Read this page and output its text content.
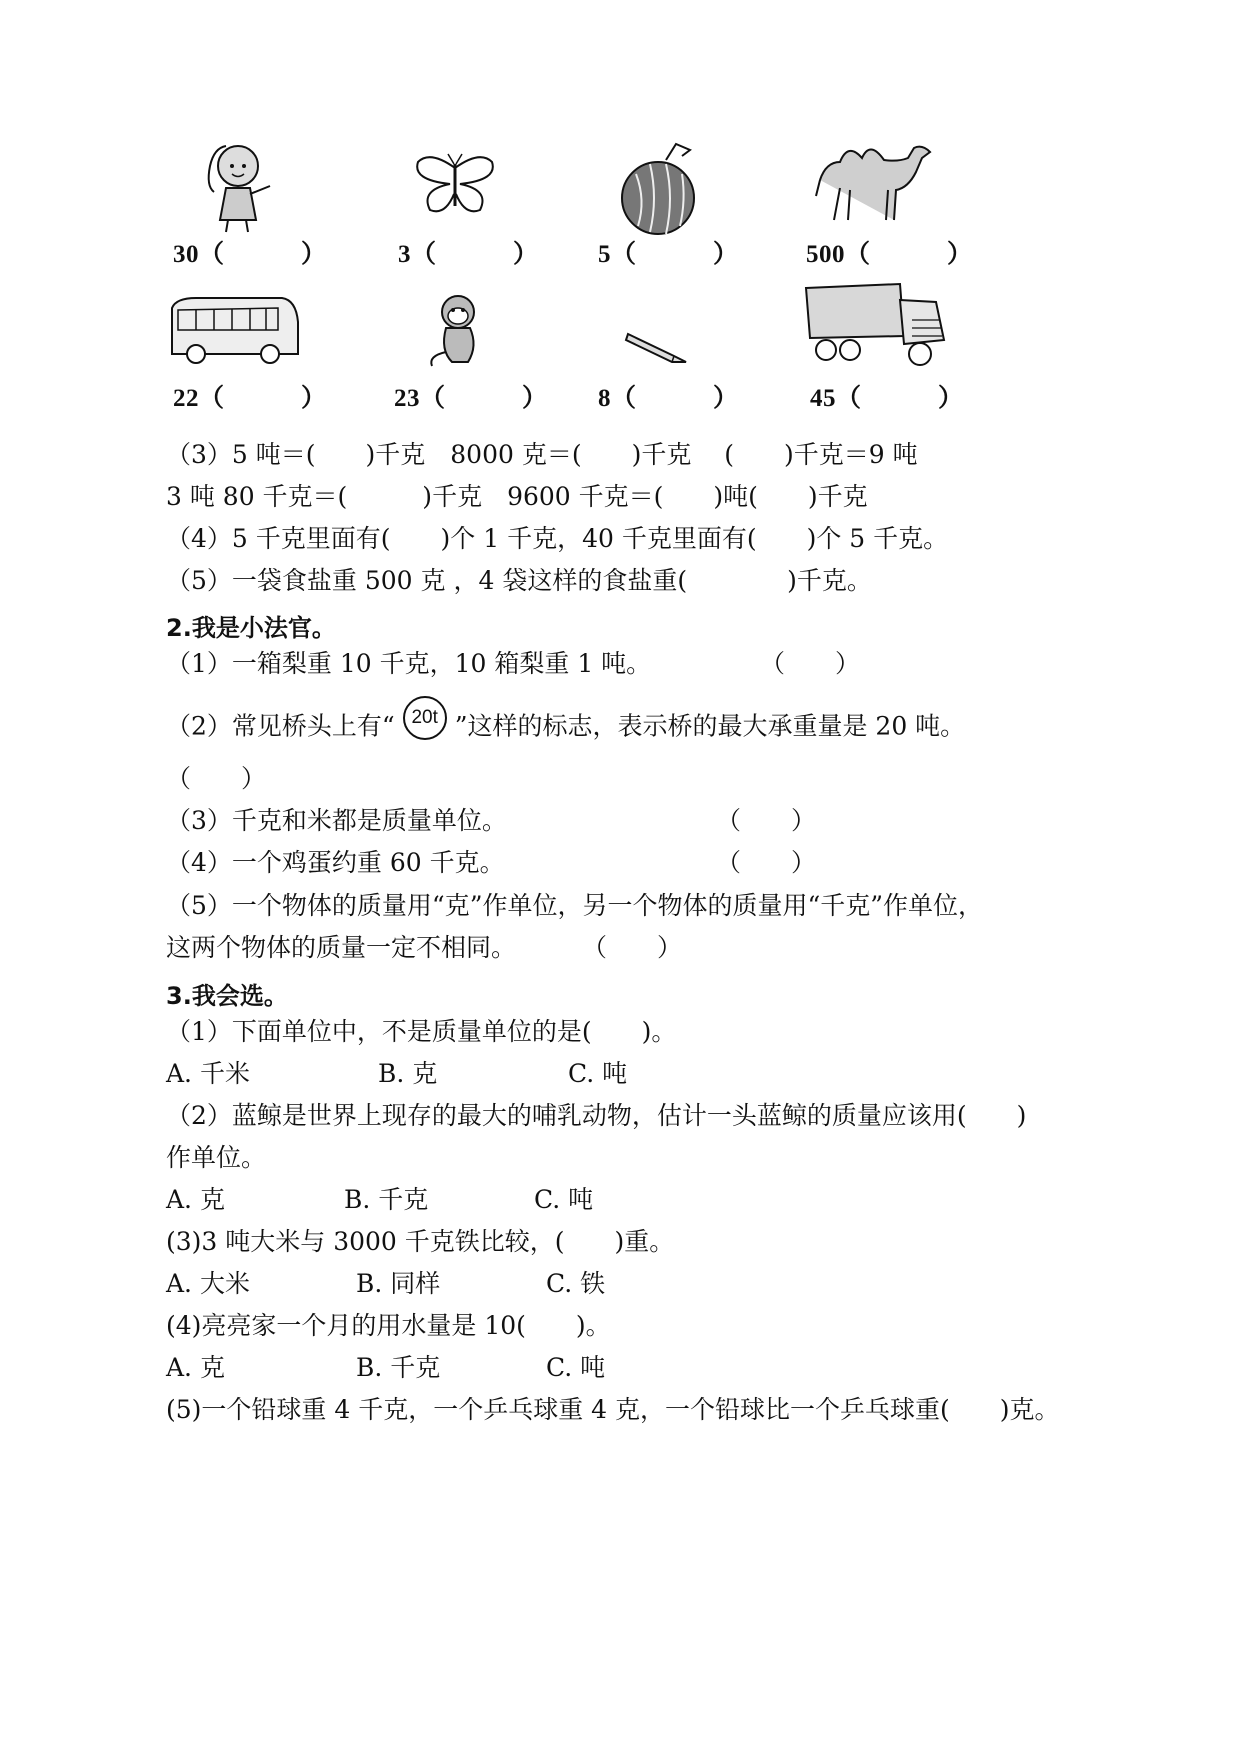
30（　　　）	3（　　　） 5（　　　）	500（　　　）
22（　　　）	23（　　　） 8（　　　）	45（　　　）
（3）5 吨＝(　　)千克　8000 克＝(　　)千克　 (　　)千克＝9 吨
3 吨 80 千克＝(　　　)千克　9600 千克＝(　　)吨(　　)千克
（4）5 千克里面有(　　)个 1 千克，40 千克里面有(　　)个 5 千克。
（5）一袋食盐重 500 克 ，4 袋这样的食盐重(　　　　)千克。
2.我是小法官。
（1）一箱梨重 10 千克，10 箱梨重 1 吨。	（　　）
（2）常见桥头上有“ 20t ”这样的标志，表示桥的最大承重量是 20 吨。
（　　）
（3）千克和米都是质量单位。	（　　）
（4）一个鸡蛋约重 60 千克。	（　　）
（5）一个物体的质量用“克”作单位，另一个物体的质量用“千克”作单位，
这两个物体的质量一定不相同。	（　　）
3.我会选。
（1）下面单位中，不是质量单位的是(　　)。
A. 千米	B. 克	C. 吨
（2）蓝鲸是世界上现存的最大的哺乳动物，估计一头蓝鲸的质量应该用(　　)
作单位。
A. 克	B. 千克	C. 吨
(3)3 吨大米与 3000 千克铁比较，(　　)重。
A. 大米	B. 同样	C. 铁
(4)亮亮家一个月的用水量是 10(　　)。
A. 克	B. 千克	C. 吨
(5)一个铅球重 4 千克，一个乒乓球重 4 克，一个铅球比一个乒乓球重(　　)克。
